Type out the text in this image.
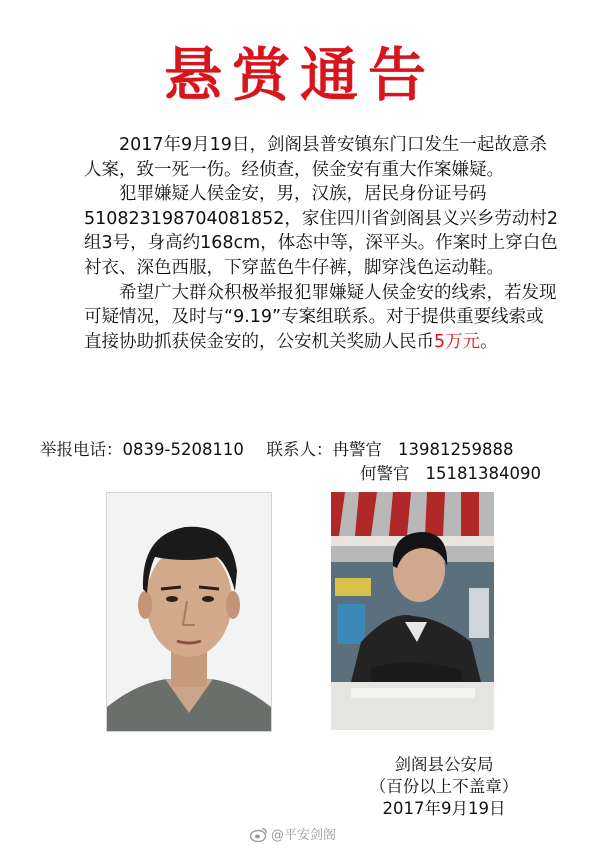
悬赏通告

2017年9月19日，剑阁县普安镇东门口发生一起故意杀人案，致一死一伤。经侦查，侯金安有重大作案嫌疑。

犯罪嫌疑人侯金安，男，汉族，居民身份证号码510823198704081852，家住四川省剑阁县义兴乡劳动村2组3号，身高约168cm，体态中等，深平头。作案时上穿白色衬衣、深色西服，下穿蓝色牛仔裤，脚穿浅色运动鞋。

希望广大群众积极举报犯罪嫌疑人侯金安的线索，若发现可疑情况，及时与“9.19”专案组联系。对于提供重要线索或直接协助抓获侯金安的，公安机关奖励人民币5万元。

举报电话：0839-5208110 联系人：冉警官 13981259888
何警官 15181384090
剑阁县公安局
（百份以上不盖章）
2017年9月19日
@平安剑阁
